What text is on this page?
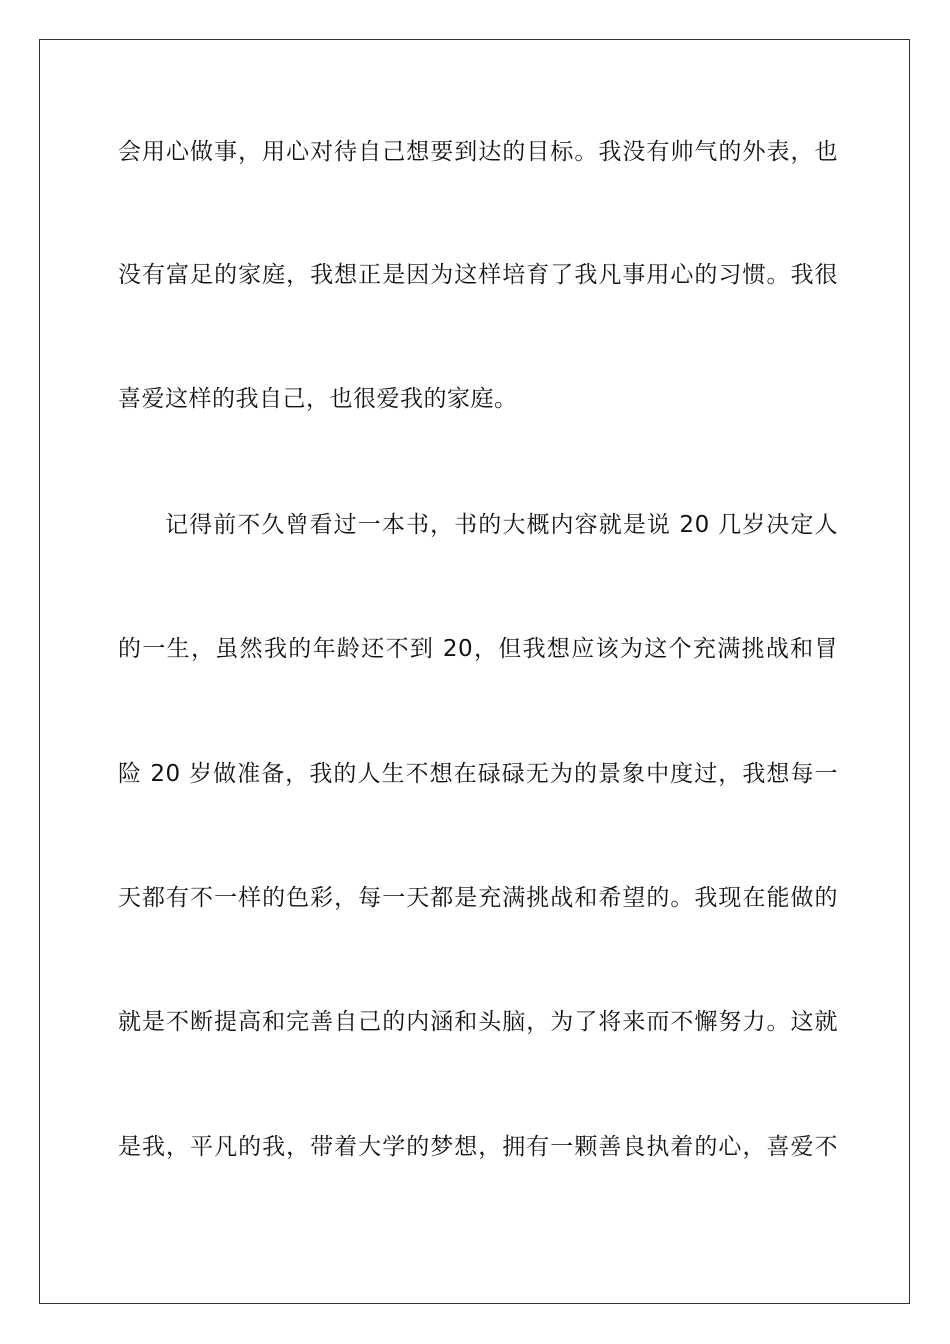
会用心做事，用心对待自己想要到达的目标。我没有帅气的外表，也
没有富足的家庭，我想正是因为这样培育了我凡事用心的习惯。我很
喜爱这样的我自己，也很爱我的家庭。
记得前不久曾看过一本书，书的大概内容就是说 20 几岁决定人
的一生，虽然我的年龄还不到 20，但我想应该为这个充满挑战和冒
险 20 岁做准备，我的人生不想在碌碌无为的景象中度过，我想每一
天都有不一样的色彩，每一天都是充满挑战和希望的。我现在能做的
就是不断提高和完善自己的内涵和头脑，为了将来而不懈努力。这就
是我，平凡的我，带着大学的梦想，拥有一颗善良执着的心，喜爱不
